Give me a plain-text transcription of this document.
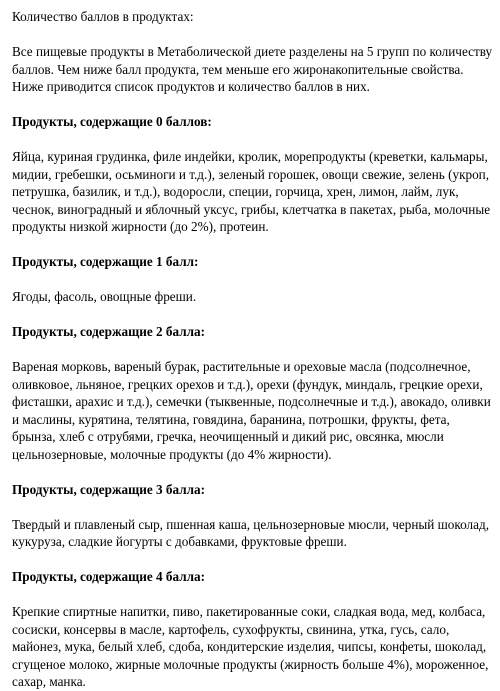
Количество баллов в продуктах:

Все пищевые продукты в Метаболической диете разделены на 5 групп по количеству баллов. Чем ниже балл продукта, тем меньше его жиронакопительные свойства. Ниже приводится список продуктов и количество баллов в них.

Продукты, содержащие 0 баллов:

Яйца, куриная грудинка, филе индейки, кролик, морепродукты (креветки, кальмары, мидии, гребешки, осьминоги и т.д.), зеленый горошек, овощи свежие, зелень (укроп, петрушка, базилик, и т.д.), водоросли, специи, горчица, хрен, лимон, лайм, лук, чеснок, виноградный и яблочный уксус, грибы, клетчатка в пакетах, рыба, молочные продукты низкой жирности (до 2%), протеин.

Продукты, содержащие 1 балл:

Ягоды, фасоль, овощные фреши.

Продукты, содержащие 2 балла:

Вареная морковь, вареный бурак, растительные и ореховые масла (подсолнечное, оливковое, льняное, грецких орехов и т.д.), орехи (фундук, миндаль, грецкие орехи, фисташки, арахис и т.д.), семечки (тыквенные, подсолнечные и т.д.), авокадо, оливки и маслины, курятина, телятина, говядина, баранина, потрошки, фрукты, фета, брынза, хлеб с отрубями, гречка, неочищенный и дикий рис, овсянка, мюсли цельнозерновые, молочные продукты (до 4% жирности).

Продукты, содержащие 3 балла:

Твердый и плавленый сыр, пшенная каша, цельнозерновые мюсли, черный шоколад, кукуруза, сладкие йогурты с добавками, фруктовые фреши.

Продукты, содержащие 4 балла:

Крепкие спиртные напитки, пиво, пакетированные соки, сладкая вода, мед, колбаса, сосиски, консервы в масле, картофель, сухофрукты, свинина, утка, гусь, сало, майонез, мука, белый хлеб, сдоба, кондитерские изделия, чипсы, конфеты, шоколад, сгущеное молоко, жирные молочные продукты (жирность больше 4%), мороженное, сахар, манка.
